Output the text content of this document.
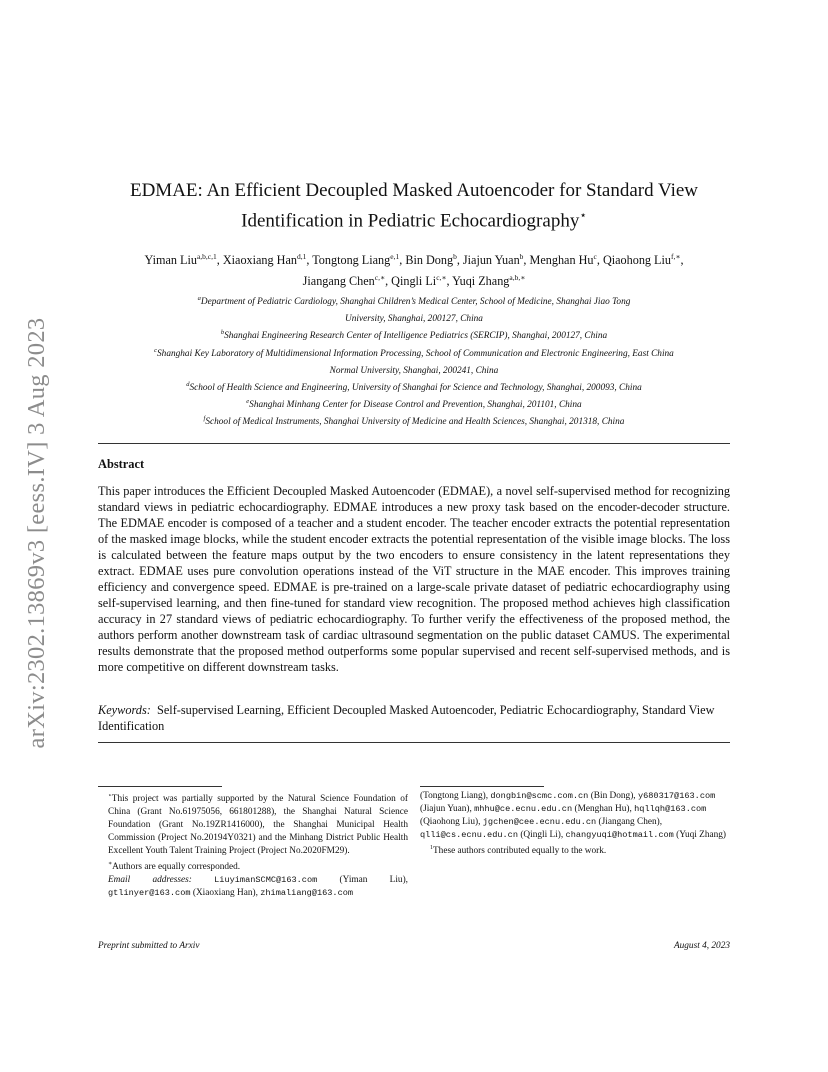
arXiv:2302.13869v3 [eess.IV] 3 Aug 2023
EDMAE: An Efficient Decoupled Masked Autoencoder for Standard View
Identification in Pediatric Echocardiography⋆
Yiman Liu$^{a,b,c,1}$, Xiaoxiang Han$^{d,1}$, Tongtong Liang$^{e,1}$, Bin Dong$^b$, Jiajun Yuan$^b$, Menghan Hu$^c$, Qiaohong Liu$^{f,∗}$,
Jiangang Chen$^{c,∗}$, Qingli $Li^{c,∗}$, Yuqi Zhang$^{a,b,∗}$
$^a$Department of Pediatric Cardiology, Shanghai Children’s Medical Center, School of Medicine, Shanghai Jiao Tong
University, Shanghai, 200127, China
$^b$Shanghai Engineering Research Center of Intelligence Pediatrics (SERCIP), Shanghai, 200127, China
$^c$Shanghai Key Laboratory of Multidimensional Information Processing, School of Communication and Electronic Engineering, East China
Normal University, Shanghai, 200241, China
$^d$School of Health Science and Engineering, University of Shanghai for Science and Technology, Shanghai, 200093, China
$^e$Shanghai Minhang Center for Disease Control and Prevention, Shanghai, 201101, China
$^f$School of Medical Instruments, Shanghai University of Medicine and Health Sciences, Shanghai, 201318, China
Abstract
This paper introduces the Efficient Decoupled Masked Autoencoder (EDMAE), a novel self-supervised method for recognizing standard views in pediatric echocardiography. EDMAE introduces a new proxy task based on the encoder-decoder structure. The EDMAE encoder is composed of a teacher and a student encoder. The teacher encoder extracts the potential representation of the masked image blocks, while the student encoder extracts the potential representation of the visible image blocks. The loss is calculated between the feature maps output by the two encoders to ensure consistency in the latent representations they extract. EDMAE uses pure convolution operations instead of the ViT structure in the MAE encoder. This improves training efficiency and convergence speed. EDMAE is pre-trained on a large-scale private dataset of pediatric echocardiography using self-supervised learning, and then fine-tuned for standard view recognition. The proposed method achieves high classification accuracy in 27 standard views of pediatric echocardiography. To further verify the effectiveness of the proposed method, the authors perform another downstream task of cardiac ultrasound segmentation on the public dataset CAMUS. The experimental results demonstrate that the proposed method outperforms some popular supervised and recent self-supervised methods, and is more competitive on different downstream tasks.
Keywords: Self-supervised Learning, Efficient Decoupled Masked Autoencoder, Pediatric Echocardiography, Standard View Identification
⋆This project was partially supported by the Natural Science Foundation of China (Grant No.61975056, 661801288), the Shanghai Natural Science Foundation (Grant No.19ZR1416000), the Shanghai Municipal Health Commission (Project No.20194Y0321) and the Minhang District Public Health Excellent Youth Talent Training Project (Project No.2020FM29).
∗Authors are equally corresponded.
Email addresses:	LiuyimanSCMC@163.com (Yiman Liu), gtlinyer@163.com (Xiaoxiang Han), zhimaliang@163.com
(Tongtong Liang), dongbin@scmc.com.cn (Bin Dong), y680317@163.com (Jiajun Yuan), mhhu@ce.ecnu.edu.cn (Menghan Hu), hqllqh@163.com (Qiaohong Liu), jgchen@cee.ecnu.edu.cn (Jiangang Chen), qlli@cs.ecnu.edu.cn (Qingli Li), changyuqi@hotmail.com (Yuqi Zhang)
$^1$These authors contributed equally to the work.
Preprint submitted to Arxiv	August 4, 2023
